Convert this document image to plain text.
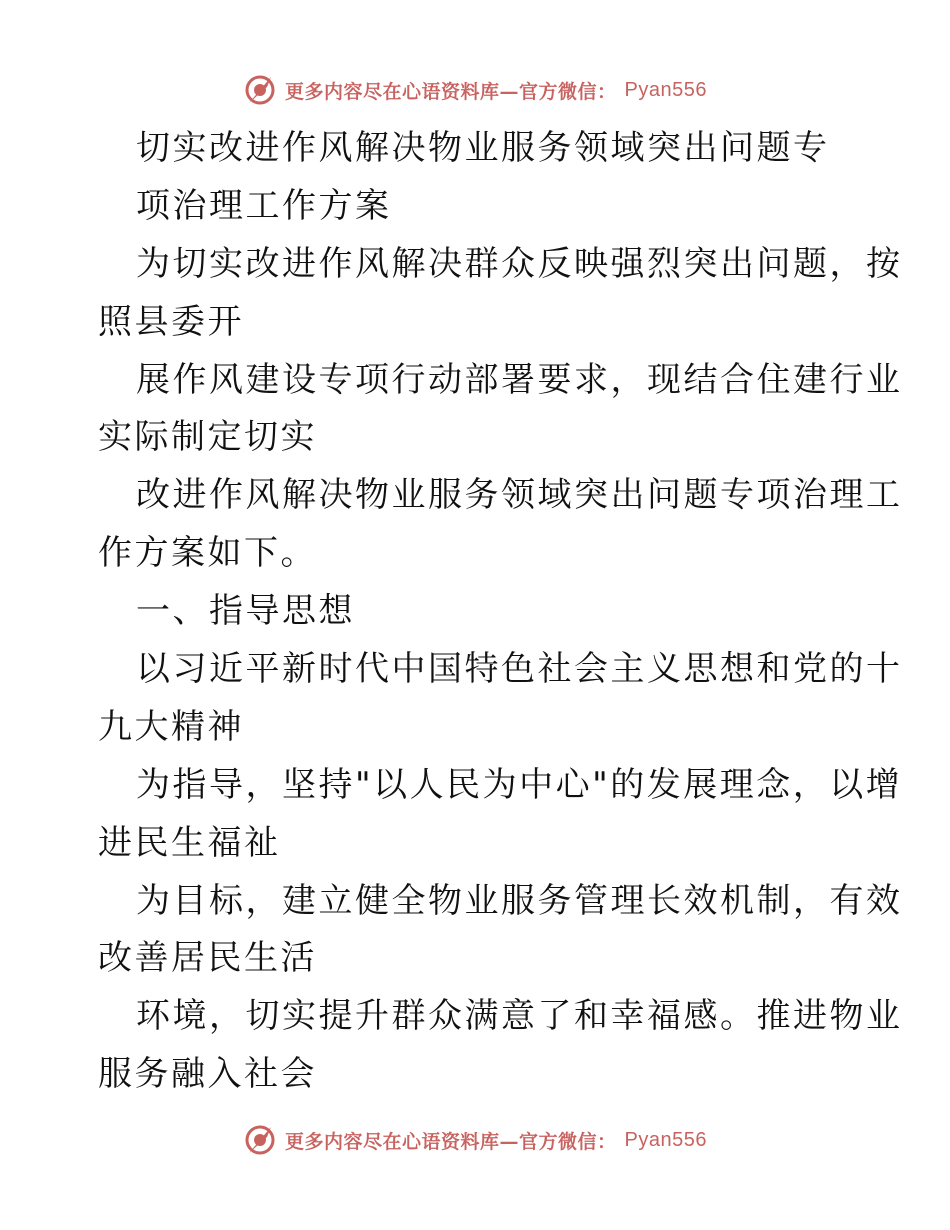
更多内容尽在心语资料库—官方微信： Pyan556
切实改进作风解决物业服务领域突出问题专
项治理工作方案
为切实改进作风解决群众反映强烈突出问题，按
照县委开
展作风建设专项行动部署要求，现结合住建行业
实际制定切实
改进作风解决物业服务领域突出问题专项治理工
作方案如下。
一、指导思想
以习近平新时代中国特色社会主义思想和党的十
九大精神
为指导，坚持"以人民为中心"的发展理念，以增
进民生福祉
为目标，建立健全物业服务管理长效机制，有效
改善居民生活
环境，切实提升群众满意了和幸福感。推进物业
服务融入社会
更多内容尽在心语资料库—官方微信： Pyan556
